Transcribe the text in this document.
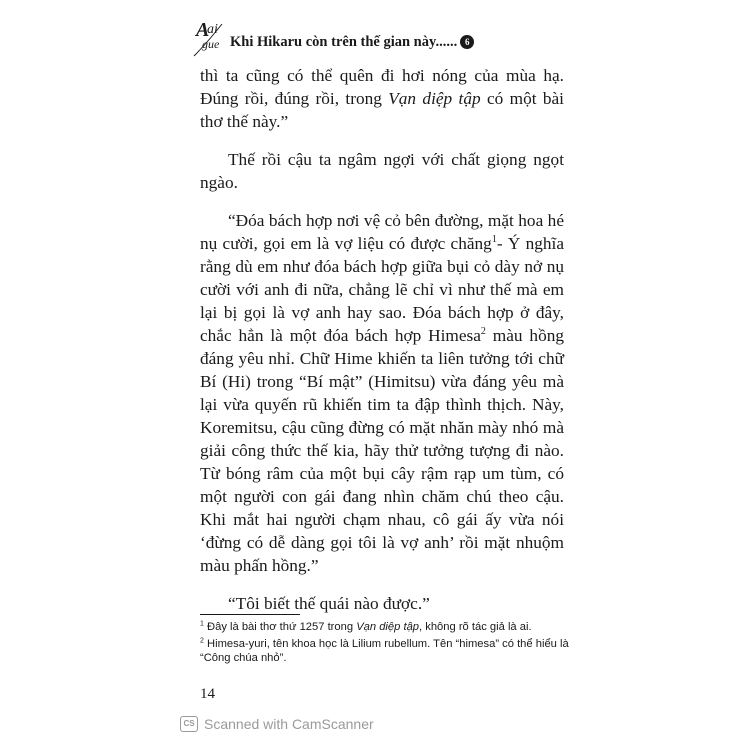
A
ai
gue Khi Hikaru còn trên thế gian này...... 6

thì ta cũng có thể quên đi hơi nóng của mùa hạ. Đúng rồi, đúng rồi, trong Vạn diệp tập có một bài thơ thế này.”

Thế rồi cậu ta ngâm ngợi với chất giọng ngọt ngào.

“Đóa bách hợp nơi vệ cỏ bên đường, mặt hoa hé nụ cười, gọi em là vợ liệu có được chăng$^1$- Ý nghĩa rằng dù em như đóa bách hợp giữa bụi cỏ dày nở nụ cười với anh đi nữa, chẳng lẽ chỉ vì như thế mà em lại bị gọi là vợ anh hay sao. Đóa bách hợp ở đây, chắc hẳn là một đóa bách hợp Himesa$^2$ màu hồng đáng yêu nhỉ. Chữ Hime khiến ta liên tưởng tới chữ Bí (Hi) trong “Bí mật” (Himitsu) vừa đáng yêu mà lại vừa quyến rũ khiến tim ta đập thình thịch. Này, Koremitsu, cậu cũng đừng có mặt nhăn mày nhó mà giải công thức thế kia, hãy thử tưởng tượng đi nào. Từ bóng râm của một bụi cây rậm rạp um tùm, có một người con gái đang nhìn chăm chú theo cậu. Khi mắt hai người chạm nhau, cô gái ấy vừa nói ‘đừng có dễ dàng gọi tôi là vợ anh’ rồi mặt nhuộm màu phấn hồng.”

“Tôi biết thế quái nào được.”

$^1$ Đây là bài thơ thứ 1257 trong Vạn diệp tập, không rõ tác giả là ai.

$^2$ Himesa-yuri, tên khoa học là Lilium rubellum. Tên “himesa” có thể hiểu là “Công chúa nhỏ”.

14
CS Scanned with CamScanner
